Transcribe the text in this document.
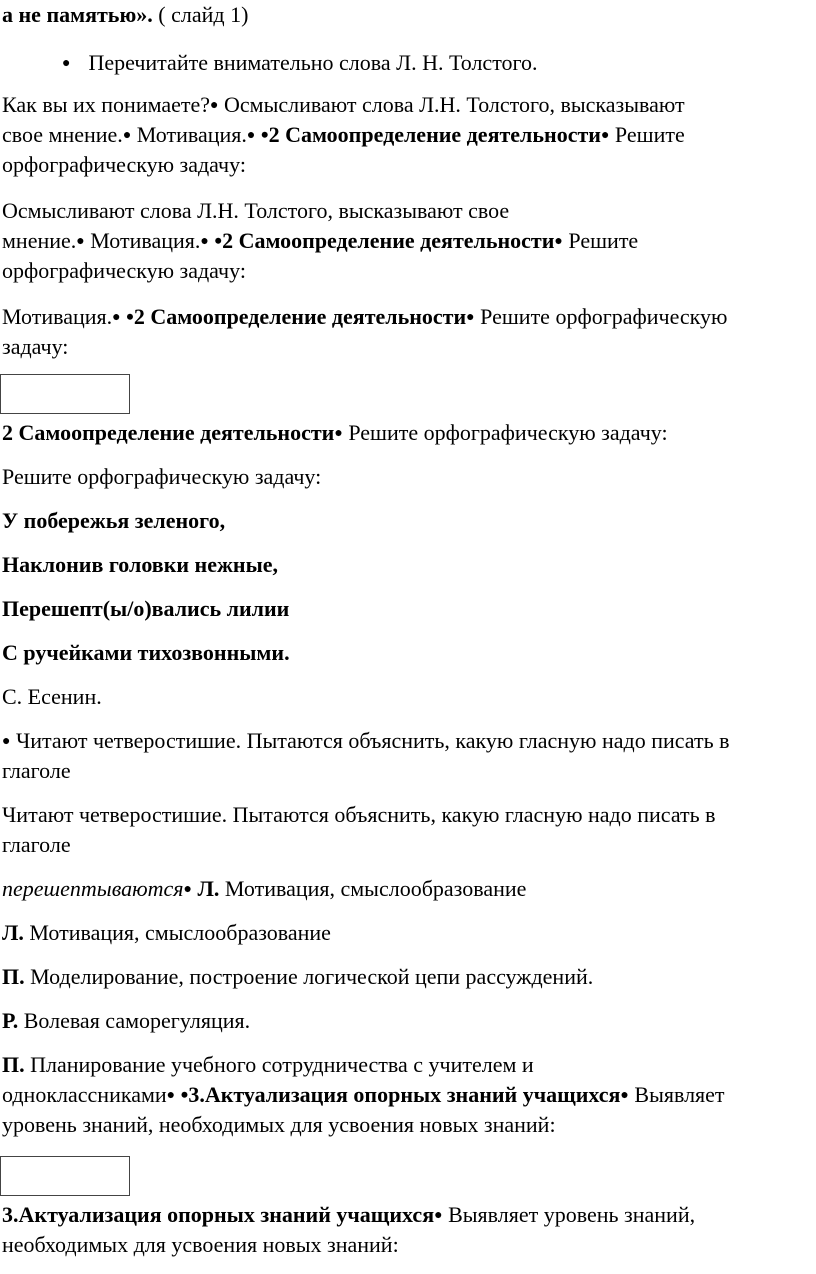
а не памятью». ( слайд 1)
● Перечитайте внимательно слова Л. Н. Толстого.
Как вы их понимаете?● Осмысливают слова Л.Н. Толстого, высказывают
свое мнение.● Мотивация.● •2 Самоопределение деятельности● Решите
орфографическую задачу:
Осмысливают слова Л.Н. Толстого, высказывают свое
мнение.● Мотивация.● •2 Самоопределение деятельности● Решите
орфографическую задачу:
Мотивация.● •2 Самоопределение деятельности● Решите орфографическую
задачу:
2 Самоопределение деятельности● Решите орфографическую задачу:
Решите орфографическую задачу:
У побережья зеленого,
Наклонив головки нежные,
Перешепт(ы/о)вались лилии
С ручейками тихозвонными.
С. Есенин.
● Читают четверостишие. Пытаются объяснить, какую гласную надо писать в
глаголе
Читают четверостишие. Пытаются объяснить, какую гласную надо писать в
глаголе
перешептываются● Л. Мотивация, смыслообразование
Л. Мотивация, смыслообразование
П. Моделирование, построение логической цепи рассуждений.
Р. Волевая саморегуляция.
П. Планирование учебного сотрудничества с учителем и
одноклассниками● •3.Актуализация опорных знаний учащихся● Выявляет
уровень знаний, необходимых для усвоения новых знаний:
3.Актуализация опорных знаний учащихся● Выявляет уровень знаний,
необходимых для усвоения новых знаний:
